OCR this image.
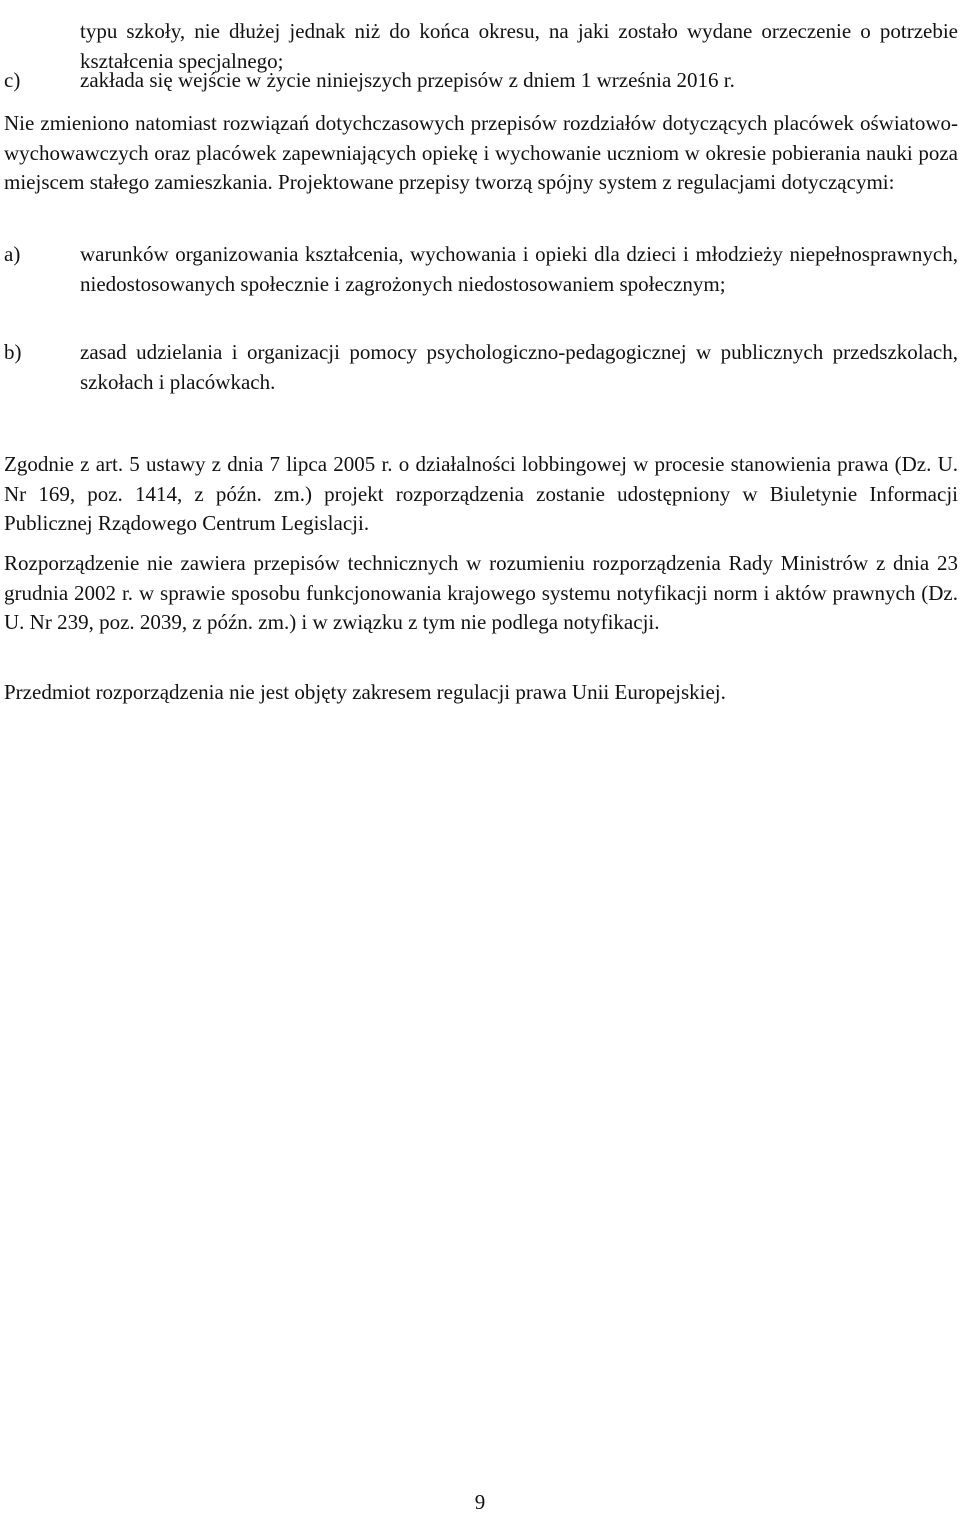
typu szkoły, nie dłużej jednak niż do końca okresu, na jaki zostało wydane orzeczenie o potrzebie kształcenia specjalnego;

c)	zakłada się wejście w życie niniejszych przepisów z dniem 1 września 2016 r.

Nie zmieniono natomiast rozwiązań dotychczasowych przepisów rozdziałów dotyczących placówek oświatowo-wychowawczych oraz placówek zapewniających opiekę i wychowanie uczniom w okresie pobierania nauki poza miejscem stałego zamieszkania. Projektowane przepisy tworzą spójny system z regulacjami dotyczącymi:

a)	warunków organizowania kształcenia, wychowania i opieki dla dzieci i młodzieży niepełnosprawnych, niedostosowanych społecznie i zagrożonych niedostosowaniem społecznym;
b)	zasad udzielania i organizacji pomocy psychologiczno-pedagogicznej w publicznych przedszkolach, szkołach i placówkach.

Zgodnie z art. 5 ustawy z dnia 7 lipca 2005 r. o działalności lobbingowej w procesie stanowienia prawa (Dz. U. Nr 169, poz. 1414, z późn. zm.) projekt rozporządzenia zostanie udostępniony w Biuletynie Informacji Publicznej Rządowego Centrum Legislacji.

Rozporządzenie nie zawiera przepisów technicznych w rozumieniu rozporządzenia Rady Ministrów z dnia 23 grudnia 2002 r. w sprawie sposobu funkcjonowania krajowego systemu notyfikacji norm i aktów prawnych (Dz. U. Nr 239, poz. 2039, z późn. zm.) i w związku z tym nie podlega notyfikacji.

Przedmiot rozporządzenia nie jest objęty zakresem regulacji prawa Unii Europejskiej.

9
